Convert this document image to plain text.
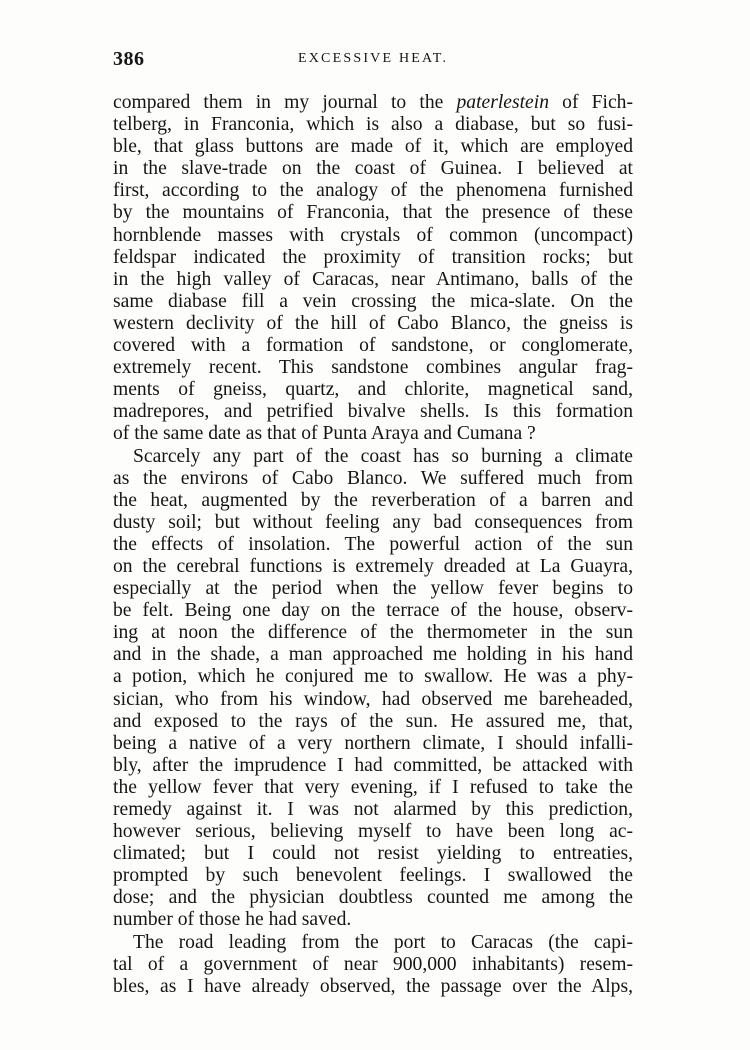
386	EXCESSIVE HEAT.

compared them in my journal to the paterlestein of Fich-
telberg, in Franconia, which is also a diabase, but so fusi-
ble, that glass buttons are made of it, which are employed
in the slave-trade on the coast of Guinea. I believed at
first, according to the analogy of the phenomena furnished
by the mountains of Franconia, that the presence of these
hornblende masses with crystals of common (uncompact)
feldspar indicated the proximity of transition rocks; but
in the high valley of Caracas, near Antimano, balls of the
same diabase fill a vein crossing the mica-slate. On the
western declivity of the hill of Cabo Blanco, the gneiss is
covered with a formation of sandstone, or conglomerate,
extremely recent. This sandstone combines angular frag-
ments of gneiss, quartz, and chlorite, magnetical sand,
madrepores, and petrified bivalve shells. Is this formation
of the same date as that of Punta Araya and Cumana ?

Scarcely any part of the coast has so burning a climate
as the environs of Cabo Blanco. We suffered much from
the heat, augmented by the reverberation of a barren and
dusty soil; but without feeling any bad consequences from
the effects of insolation. The powerful action of the sun
on the cerebral functions is extremely dreaded at La Guayra,
especially at the period when the yellow fever begins to
be felt. Being one day on the terrace of the house, observ-
ing at noon the difference of the thermometer in the sun
and in the shade, a man approached me holding in his hand
a potion, which he conjured me to swallow. He was a phy-
sician, who from his window, had observed me bareheaded,
and exposed to the rays of the sun. He assured me, that,
being a native of a very northern climate, I should infalli-
bly, after the imprudence I had committed, be attacked with
the yellow fever that very evening, if I refused to take the
remedy against it. I was not alarmed by this prediction,
however serious, believing myself to have been long ac-
climated; but I could not resist yielding to entreaties,
prompted by such benevolent feelings. I swallowed the
dose; and the physician doubtless counted me among the
number of those he had saved.

The road leading from the port to Caracas (the capi-
tal of a government of near 900,000 inhabitants) resem-
bles, as I have already observed, the passage over the Alps,
